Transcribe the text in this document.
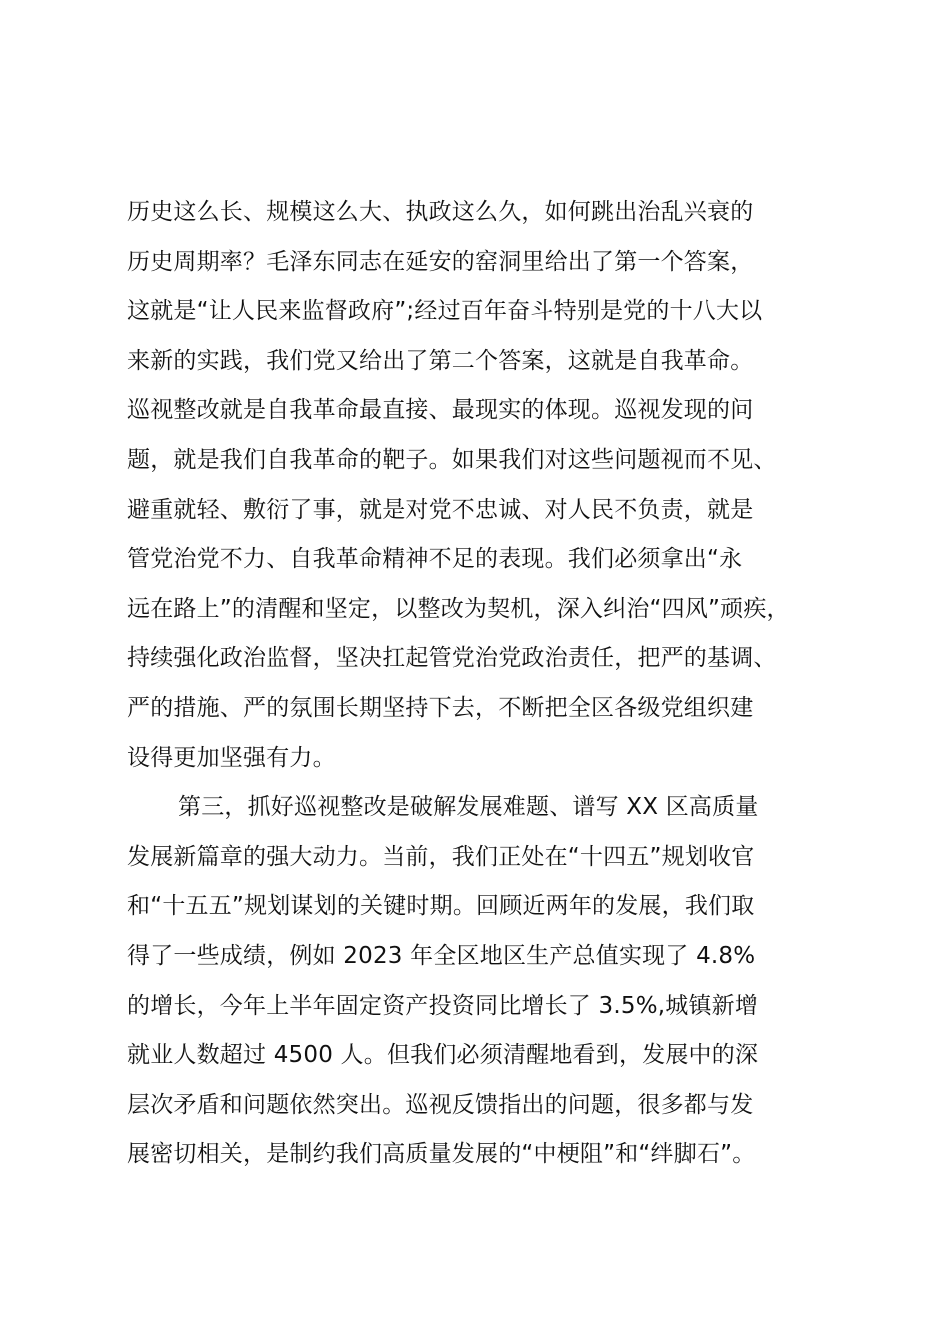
历史这么长、规模这么大、执政这么久，如何跳出治乱兴衰的
历史周期率？毛泽东同志在延安的窑洞里给出了第一个答案，
这就是“让人民来监督政府”;经过百年奋斗特别是党的十八大以
来新的实践，我们党又给出了第二个答案，这就是自我革命。
巡视整改就是自我革命最直接、最现实的体现。巡视发现的问
题，就是我们自我革命的靶子。如果我们对这些问题视而不见、
避重就轻、敷衍了事，就是对党不忠诚、对人民不负责，就是
管党治党不力、自我革命精神不足的表现。我们必须拿出“永
远在路上”的清醒和坚定，以整改为契机，深入纠治“四风”顽疾，
持续强化政治监督，坚决扛起管党治党政治责任，把严的基调、
严的措施、严的氛围长期坚持下去，不断把全区各级党组织建
设得更加坚强有力。
第三，抓好巡视整改是破解发展难题、谱写 XX 区高质量
发展新篇章的强大动力。当前，我们正处在“十四五”规划收官
和“十五五”规划谋划的关键时期。回顾近两年的发展，我们取
得了一些成绩，例如 2023 年全区地区生产总值实现了 4.8%
的增长，今年上半年固定资产投资同比增长了 3.5%,城镇新增
就业人数超过 4500 人。但我们必须清醒地看到，发展中的深
层次矛盾和问题依然突出。巡视反馈指出的问题，很多都与发
展密切相关，是制约我们高质量发展的“中梗阻”和“绊脚石”。
